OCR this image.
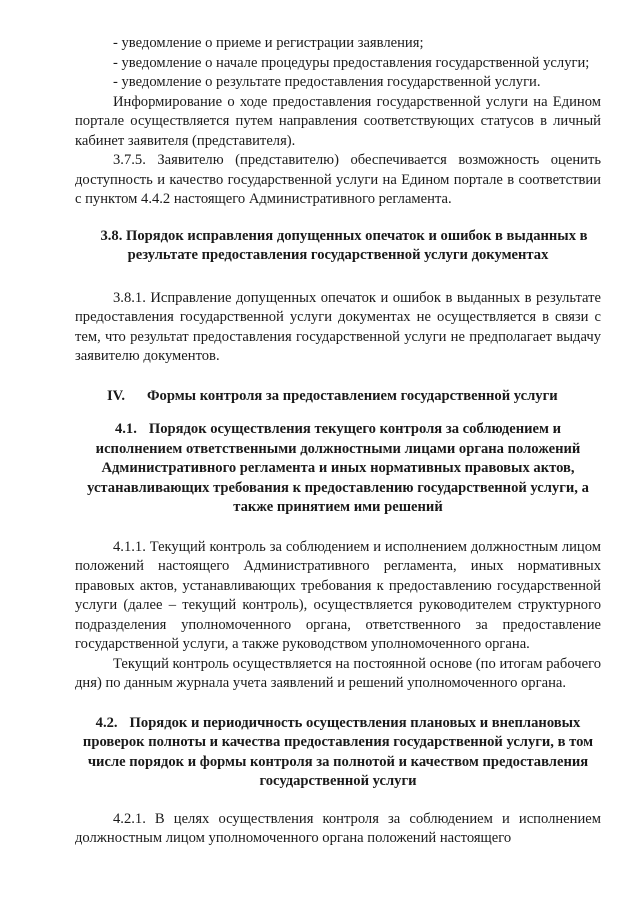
- уведомление о приеме и регистрации заявления;

- уведомление о начале процедуры предоставления государственной услуги;

- уведомление о результате предоставления государственной услуги.

Информирование о ходе предоставления государственной услуги на Едином портале осуществляется путем направления соответствующих статусов в личный кабинет заявителя (представителя).

3.7.5. Заявителю (представителю) обеспечивается возможность оценить доступность и качество государственной услуги на Едином портале в соответствии с пунктом 4.4.2 настоящего Административного регламента.

3.8. Порядок исправления допущенных опечаток и ошибок в выданных в результате предоставления государственной услуги документах

3.8.1. Исправление допущенных опечаток и ошибок в выданных в результате предоставления государственной услуги документах не осуществляется в связи с тем, что результат предоставления государственной услуги не предполагает выдачу заявителю документов.

IV. Формы контроля за предоставлением государственной услуги
4.1. Порядок осуществления текущего контроля за соблюдением и исполнением ответственными должностными лицами органа положений Административного регламента и иных нормативных правовых актов, устанавливающих требования к предоставлению государственной услуги, а также принятием ими решений

4.1.1. Текущий контроль за соблюдением и исполнением должностным лицом положений настоящего Административного регламента, иных нормативных правовых актов, устанавливающих требования к предоставлению государственной услуги (далее – текущий контроль), осуществляется руководителем структурного подразделения уполномоченного органа, ответственного за предоставление государственной услуги, а также руководством уполномоченного органа.

Текущий контроль осуществляется на постоянной основе (по итогам рабочего дня) по данным журнала учета заявлений и решений уполномоченного органа.

4.2. Порядок и периодичность осуществления плановых и внеплановых проверок полноты и качества предоставления государственной услуги, в том числе порядок и формы контроля за полнотой и качеством предоставления государственной услуги

4.2.1. В целях осуществления контроля за соблюдением и исполнением должностным лицом уполномоченного органа положений настоящего
